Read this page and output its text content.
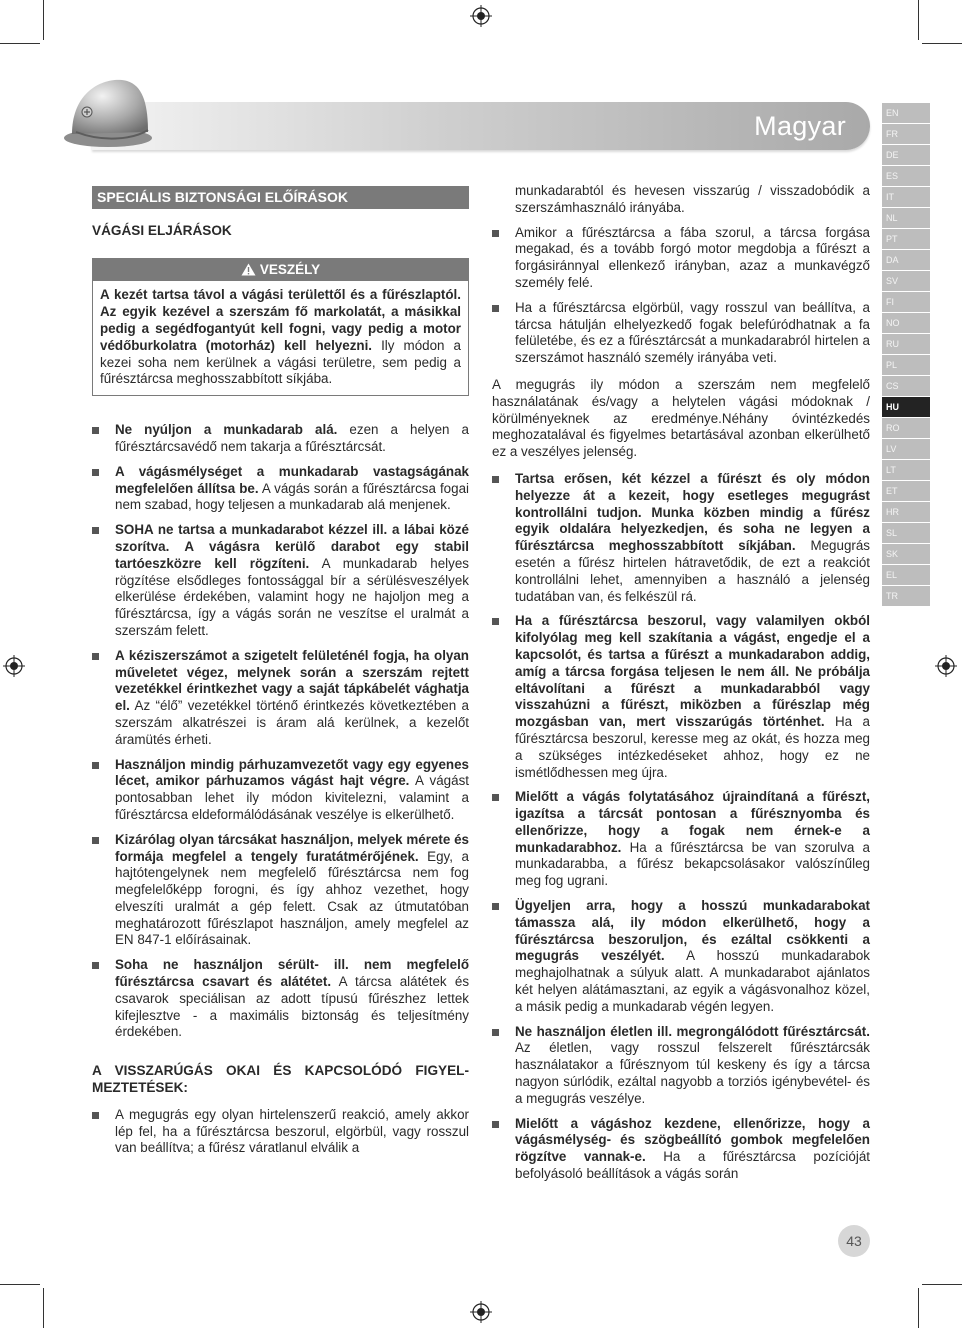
Magyar	EN
FR
DE
ES
IT
NL
PT
DA
SV
FI
NO
RU
PL
CS
HU
RO
LV
LT
ET
HR
SL
SK
EL
TR
SPECIÁLIS BIZTONSÁGI ELŐÍRÁSOK
VÁGÁSI ELJÁRÁSOK
VESZÉLY
A kezét tartsa távol a vágási területtől és a fűrészlaptól. Az egyik kezével a szerszám fő markolatát, a másikkal pedig a segédfogantyút kell fogni, vagy pedig a motor védőburkolatra (motorház) kell helyezni. Ily módon a kezei soha nem kerülnek a vágási területre, sem pedig a fűrésztárcsa meghosszabbított síkjába.
Ne nyúljon a munkadarab alá. ezen a helyen a fűrésztárcsavédő nem takarja a fűrésztárcsát.
A vágásmélységet a munkadarab vastagságának megfelelően állítsa be. A vágás során a fűrésztárcsa fogai nem szabad, hogy teljesen a munkadarab alá menjenek.
SOHA ne tartsa a munkadarabot kézzel ill. a lábai közé szorítva. A vágásra kerülő darabot egy stabil tartóeszközre kell rögzíteni. A munkadarab helyes rögzítése elsődleges fontossággal bír a sérülésveszélyek elkerülése érdekében, valamint hogy ne hajoljon meg a fűrésztárcsa, így a vágás során ne veszítse el uralmát a szerszám felett.
A kéziszerszámot a szigetelt felületénél fogja, ha olyan műveletet végez, melynek során a szerszám rejtett vezetékkel érintkezhet vagy a saját tápkábelét vághatja el. Az “élő” vezetékkel történő érintkezés következtében a szerszám alkatrészei is áram alá kerülnek, a kezelőt áramütés érheti.
Használjon mindig párhuzamvezetőt vagy egy egyenes lécet, amikor párhuzamos vágást hajt végre. A vágást pontosabban lehet ily módon kivitelezni, valamint a fűrésztárcsa eldeformálódásának veszélye is elkerülhető.
Kizárólag olyan tárcsákat használjon, melyek mérete és formája megfelel a tengely furatátmérőjének. Egy, a hajtótengelynek nem megfelelő fűrésztárcsa nem fog megfelelőképp forogni, és így ahhoz vezethet, hogy elveszíti uralmát a gép felett. Csak az útmutatóban meghatározott fűrészlapot használjon, amely megfelel az EN 847-1 előírásainak.
Soha ne használjon sérült- ill. nem megfelelő fűrésztárcsa csavart és alátétet. A tárcsa alátétek és csavarok speciálisan az adott típusú fűrészhez lettek kifejlesztve - a maximális biztonság és teljesítmény érdekében.
A VISSZARÚGÁS OKAI ÉS KAPCSOLÓDÓ FIGYEL-MEZTETÉSEK:
A megugrás egy olyan hirtelenszerű reakció, amely akkor lép fel, ha a fűrésztárcsa beszorul, elgörbül, vagy rosszul van beállítva; a fűrész váratlanul elválik a
munkadarabtól és hevesen visszarúg / visszadobódik a szerszámhasználó irányába.
Amikor a fűrésztárcsa a fába szorul, a tárcsa forgása megakad, és a tovább forgó motor megdobja a fűrészt a forgásiránnyal ellenkező irányban, azaz a munkavégző személy felé.
Ha a fűrésztárcsa elgörbül, vagy rosszul van beállítva, a tárcsa hátulján elhelyezkedő fogak belefúródhatnak a fa felületébe, és ez a fűrésztárcsát a munkadarabról hirtelen a szerszámot használó személy irányába veti.
A megugrás ily módon a szerszám nem megfelelő használatának és/vagy a helytelen vágási módoknak / körülményeknek az eredménye.Néhány óvintézkedés meghozatalával és figyelmes betartásával azonban elkerülhető ez a veszélyes jelenség.
Tartsa erősen, két kézzel a fűrészt és oly módon helyezze át a kezeit, hogy esetleges megugrást kontrollálni tudjon. Munka közben mindig a fűrész egyik oldalára helyezkedjen, és soha ne legyen a fűrésztárcsa meghosszabbított síkjában. Megugrás esetén a fűrész hirtelen hátravetődik, de ezt a reakciót kontrollálni lehet, amennyiben a használó a jelenség tudatában van, és felkészül rá.
Ha a fűrésztárcsa beszorul, vagy valamilyen okból kifolyólag meg kell szakítania a vágást, engedje el a kapcsolót, és tartsa a fűrészt a munkadarabon addig, amíg a tárcsa forgása teljesen le nem áll. Ne próbálja eltávolítani a fűrészt a munkadarabból vagy visszahúzni a fűrészt, miközben a fűrészlap még mozgásban van, mert visszarúgás történhet. Ha a fűrésztárcsa beszorul, keresse meg az okát, és hozza meg a szükséges intézkedéseket ahhoz, hogy ez ne ismétlődhessen meg újra.
Mielőtt a vágás folytatásához újraindítaná a fűrészt, igazítsa a tárcsát pontosan a fűrésznyomba és ellenőrizze, hogy a fogak nem érnek-e a munkadarabhoz. Ha a fűrésztárcsa be van szorulva a munkadarabba, a fűrész bekapcsolásakor valószínűleg meg fog ugrani.
Ügyeljen arra, hogy a hosszú munkadarabokat támassza alá, ily módon elkerülhető, hogy a fűrésztárcsa beszoruljon, és ezáltal csökkenti a megugrás veszélyét. A hosszú munkadarabok meghajolhatnak a súlyuk alatt. A munkadarabot ajánlatos két helyen alátámasztani, az egyik a vágásvonalhoz közel, a másik pedig a munkadarab végén legyen.
Ne használjon életlen ill. megrongálódott fűrésztárcsát. Az életlen, vagy rosszul felszerelt fűrésztárcsák használatakor a fűrésznyom túl keskeny és így a tárcsa nagyon súrlódik, ezáltal nagyobb a torziós igénybevétel- és a megugrás veszélye.
Mielőtt a vágáshoz kezdene, ellenőrizze, hogy a vágásmélység- és szögbeállító gombok megfelelően rögzítve vannak-e. Ha a fűrésztárcsa pozícióját befolyásoló beállítások a vágás során
43
